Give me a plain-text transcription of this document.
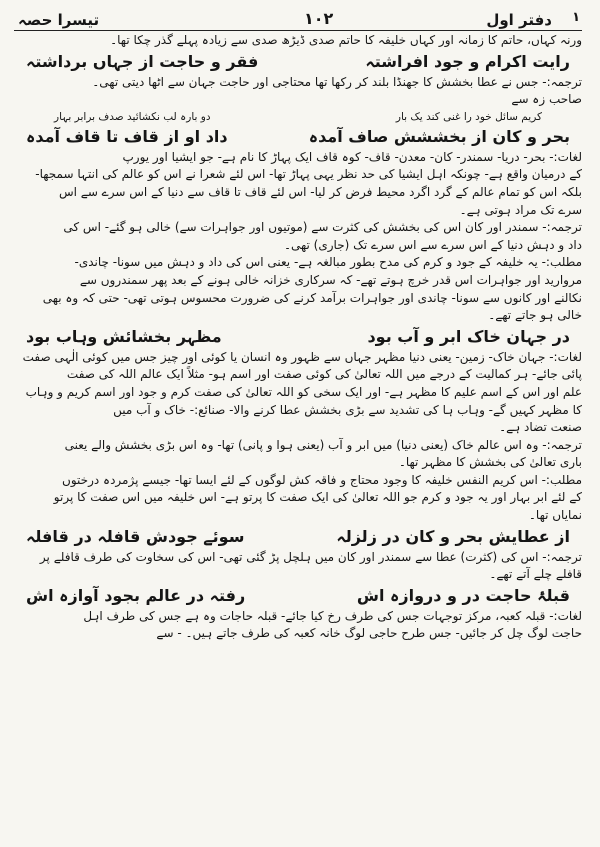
۱
دفتر اول
۱۰۲
تیسرا حصہ
ورنہ کہاں، حاتم کا زمانہ اور کہاں خلیفہ کا حاتم صدی ڈیڑھ صدی سے زیادہ پہلے گذر چکا تھا۔
رایت اکرام و جود افراشتہ
فقر و حاجت از جہاں برداشتہ
ترجمہ:- جس نے عطا بخشش کا جھنڈا بلند کر رکھا تھا محتاجی اور حاجت جہان سے اٹھا دیتی تھی۔
صاحب زہ سے
کریم سائل خود را غنی کند یک بار
دو بارہ لب نکشائید صدف برابر بہار
بحر و کان از بخششش صاف آمدہ
داد او از قاف تا قاف آمدہ
لغات:- بحر- دریا- سمندر- کان- معدن- قاف- کوہ قاف ایک پہاڑ کا نام ہے- جو ایشیا اور یورپ
کے درمیان واقع ہے- چونکہ اہل ایشیا کی حد نظر یہی پہاڑ تھا- اس لئے شعرا نے اس کو عالم کی انتہا سمجھا-
بلکہ اس کو تمام عالم کے گرد اگرد محیط فرض کر لیا- اس لئے قاف تا قاف سے دنیا کے اس سرے سے اس
سرے تک مراد ہوتی ہے۔
ترجمہ:- سمندر اور کان اس کی بخشش کی کثرت سے (موتیوں اور جواہرات سے) خالی ہو گئے- اس کی
داد و دہش دنیا کے اس سرے سے اس سرے تک (جاری) تھی۔
مطلب:- یہ خلیفہ کے جود و کرم کی مدح بطور مبالغہ ہے- یعنی اس کی داد و دہش میں سونا- چاندی-
مروارید اور جواہرات اس قدر خرچ ہوتے تھے- کہ سرکاری خزانہ خالی ہونے کے بعد پھر سمندروں سے
نکالنے اور کانوں سے سونا- چاندی اور جواہرات برآمد کرنے کی ضرورت محسوس ہوتی تھی- حتی کہ وہ بھی
خالی ہو جاتے تھے۔
در جہان خاک ابر و آب بود
مظہر بخشائش وہاب بود
لغات:- جہان خاک- زمین- یعنی دنیا مظہر جہاں سے ظہور وہ انسان یا کوئی اور چیز جس میں کوئی الٰہی صفت
پائی جائے- ہر کمالیت کے درجے میں اللہ تعالیٰ کی کوئی صفت اور اسم ہو- مثلاً ایک عالم اللہ کی صفت
علم اور اس کے اسم علیم کا مظہر ہے- اور ایک سخی کو اللہ تعالیٰ کی صفت کرم و جود اور اسم کریم و وہاب
کا مظہر کہیں گے- وہاب ہا کی تشدید سے بڑی بخشش عطا کرنے والا- صنائع:- خاک و آب میں
صنعت تضاد ہے۔
ترجمہ:- وہ اس عالم خاک (یعنی دنیا) میں ابر و آب (یعنی ہوا و پانی) تھا- وہ اس بڑی بخشش والے یعنی
باری تعالیٰ کی بخشش کا مظہر تھا۔
مطلب:- اس کریم النفس خلیفہ کا وجود محتاج و فاقہ کش لوگوں کے لئے ایسا تھا- جیسے پژمردہ درختوں
کے لئے ابر بہار اور یہ جود و کرم جو اللہ تعالیٰ کی ایک صفت کا پرتو ہے- اس خلیفہ میں اس صفت کا پرتو
نمایاں تھا۔
از عطایش بحر و کان در زلزلہ
سوئے جودش قافلہ در قافلہ
ترجمہ:- اس کی (کثرت) عطا سے سمندر اور کان میں ہلچل پڑ گئی تھی- اس کی سخاوت کی طرف قافلے پر
قافلے چلے آتے تھے۔
قبلۂ حاجت در و دروازہ اش
رفتہ در عالم بجود آوازہ اش
لغات:- قبلہ کعبہ، مرکز توجہات جس کی طرف رخ کیا جائے- قبلہ حاجات وہ ہے جس کی طرف اہل
حاجت لوگ چل کر جائیں- جس طرح حاجی لوگ خانہ کعبہ کی طرف جاتے ہیں۔ - سے
